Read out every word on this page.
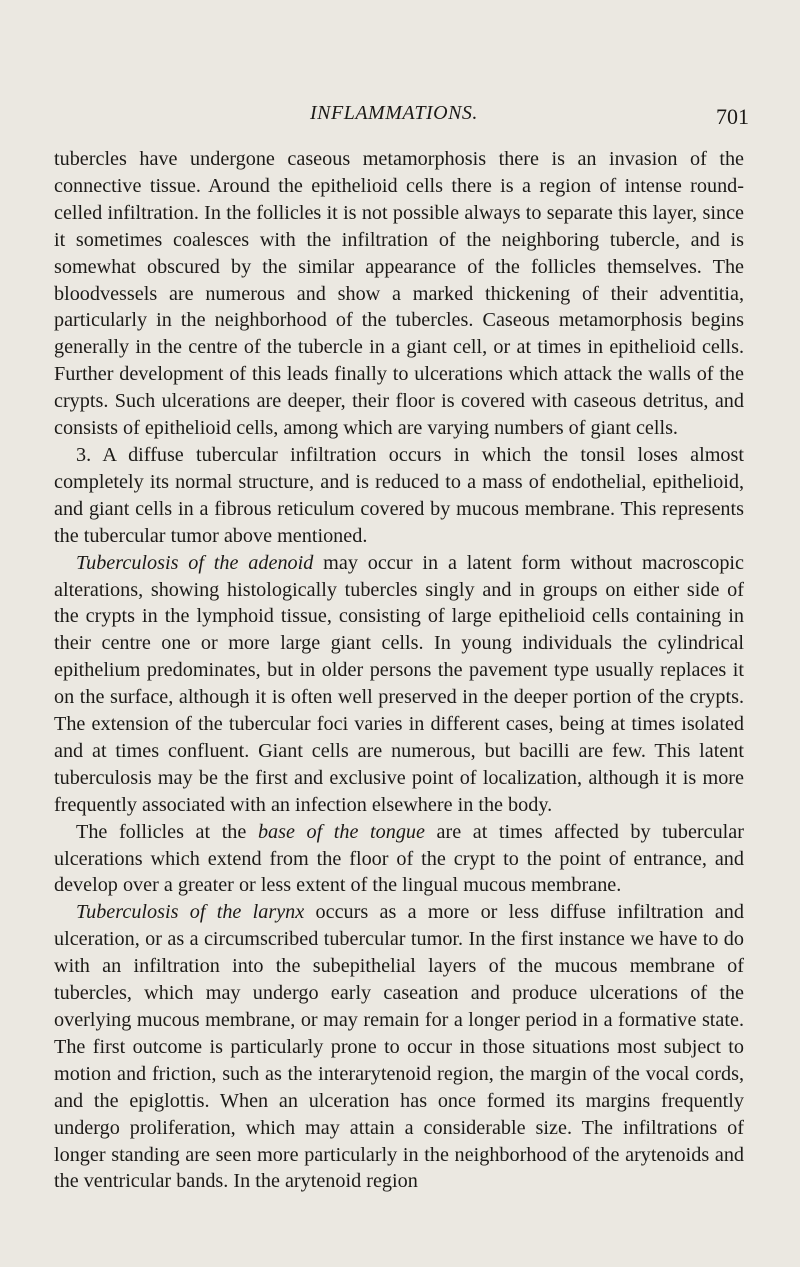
INFLAMMATIONS.	701

tubercles have undergone caseous metamorphosis there is an invasion of the connective tissue. Around the epithelioid cells there is a region of intense round-celled infiltration. In the follicles it is not possible always to separate this layer, since it sometimes coalesces with the infiltration of the neighboring tubercle, and is somewhat obscured by the similar appearance of the follicles themselves. The bloodvessels are numerous and show a marked thickening of their adventitia, particularly in the neighborhood of the tubercles. Caseous metamorphosis begins generally in the centre of the tubercle in a giant cell, or at times in epithelioid cells. Further development of this leads finally to ulcerations which attack the walls of the crypts. Such ulcerations are deeper, their floor is covered with caseous detritus, and consists of epithelioid cells, among which are varying numbers of giant cells.

3. A diffuse tubercular infiltration occurs in which the tonsil loses almost completely its normal structure, and is reduced to a mass of endothelial, epithelioid, and giant cells in a fibrous reticulum covered by mucous membrane. This represents the tubercular tumor above mentioned.

Tuberculosis of the adenoid may occur in a latent form without macroscopic alterations, showing histologically tubercles singly and in groups on either side of the crypts in the lymphoid tissue, consisting of large epithelioid cells containing in their centre one or more large giant cells. In young individuals the cylindrical epithelium predominates, but in older persons the pavement type usually replaces it on the surface, although it is often well preserved in the deeper portion of the crypts. The extension of the tubercular foci varies in different cases, being at times isolated and at times confluent. Giant cells are numerous, but bacilli are few. This latent tuberculosis may be the first and exclusive point of localization, although it is more frequently associated with an infection elsewhere in the body.

The follicles at the base of the tongue are at times affected by tubercular ulcerations which extend from the floor of the crypt to the point of entrance, and develop over a greater or less extent of the lingual mucous membrane.

Tuberculosis of the larynx occurs as a more or less diffuse infiltration and ulceration, or as a circumscribed tubercular tumor. In the first instance we have to do with an infiltration into the subepithelial layers of the mucous membrane of tubercles, which may undergo early caseation and produce ulcerations of the overlying mucous membrane, or may remain for a longer period in a formative state. The first outcome is particularly prone to occur in those situations most subject to motion and friction, such as the interarytenoid region, the margin of the vocal cords, and the epiglottis. When an ulceration has once formed its margins frequently undergo proliferation, which may attain a considerable size. The infiltrations of longer standing are seen more particularly in the neighborhood of the arytenoids and the ventricular bands. In the arytenoid region
